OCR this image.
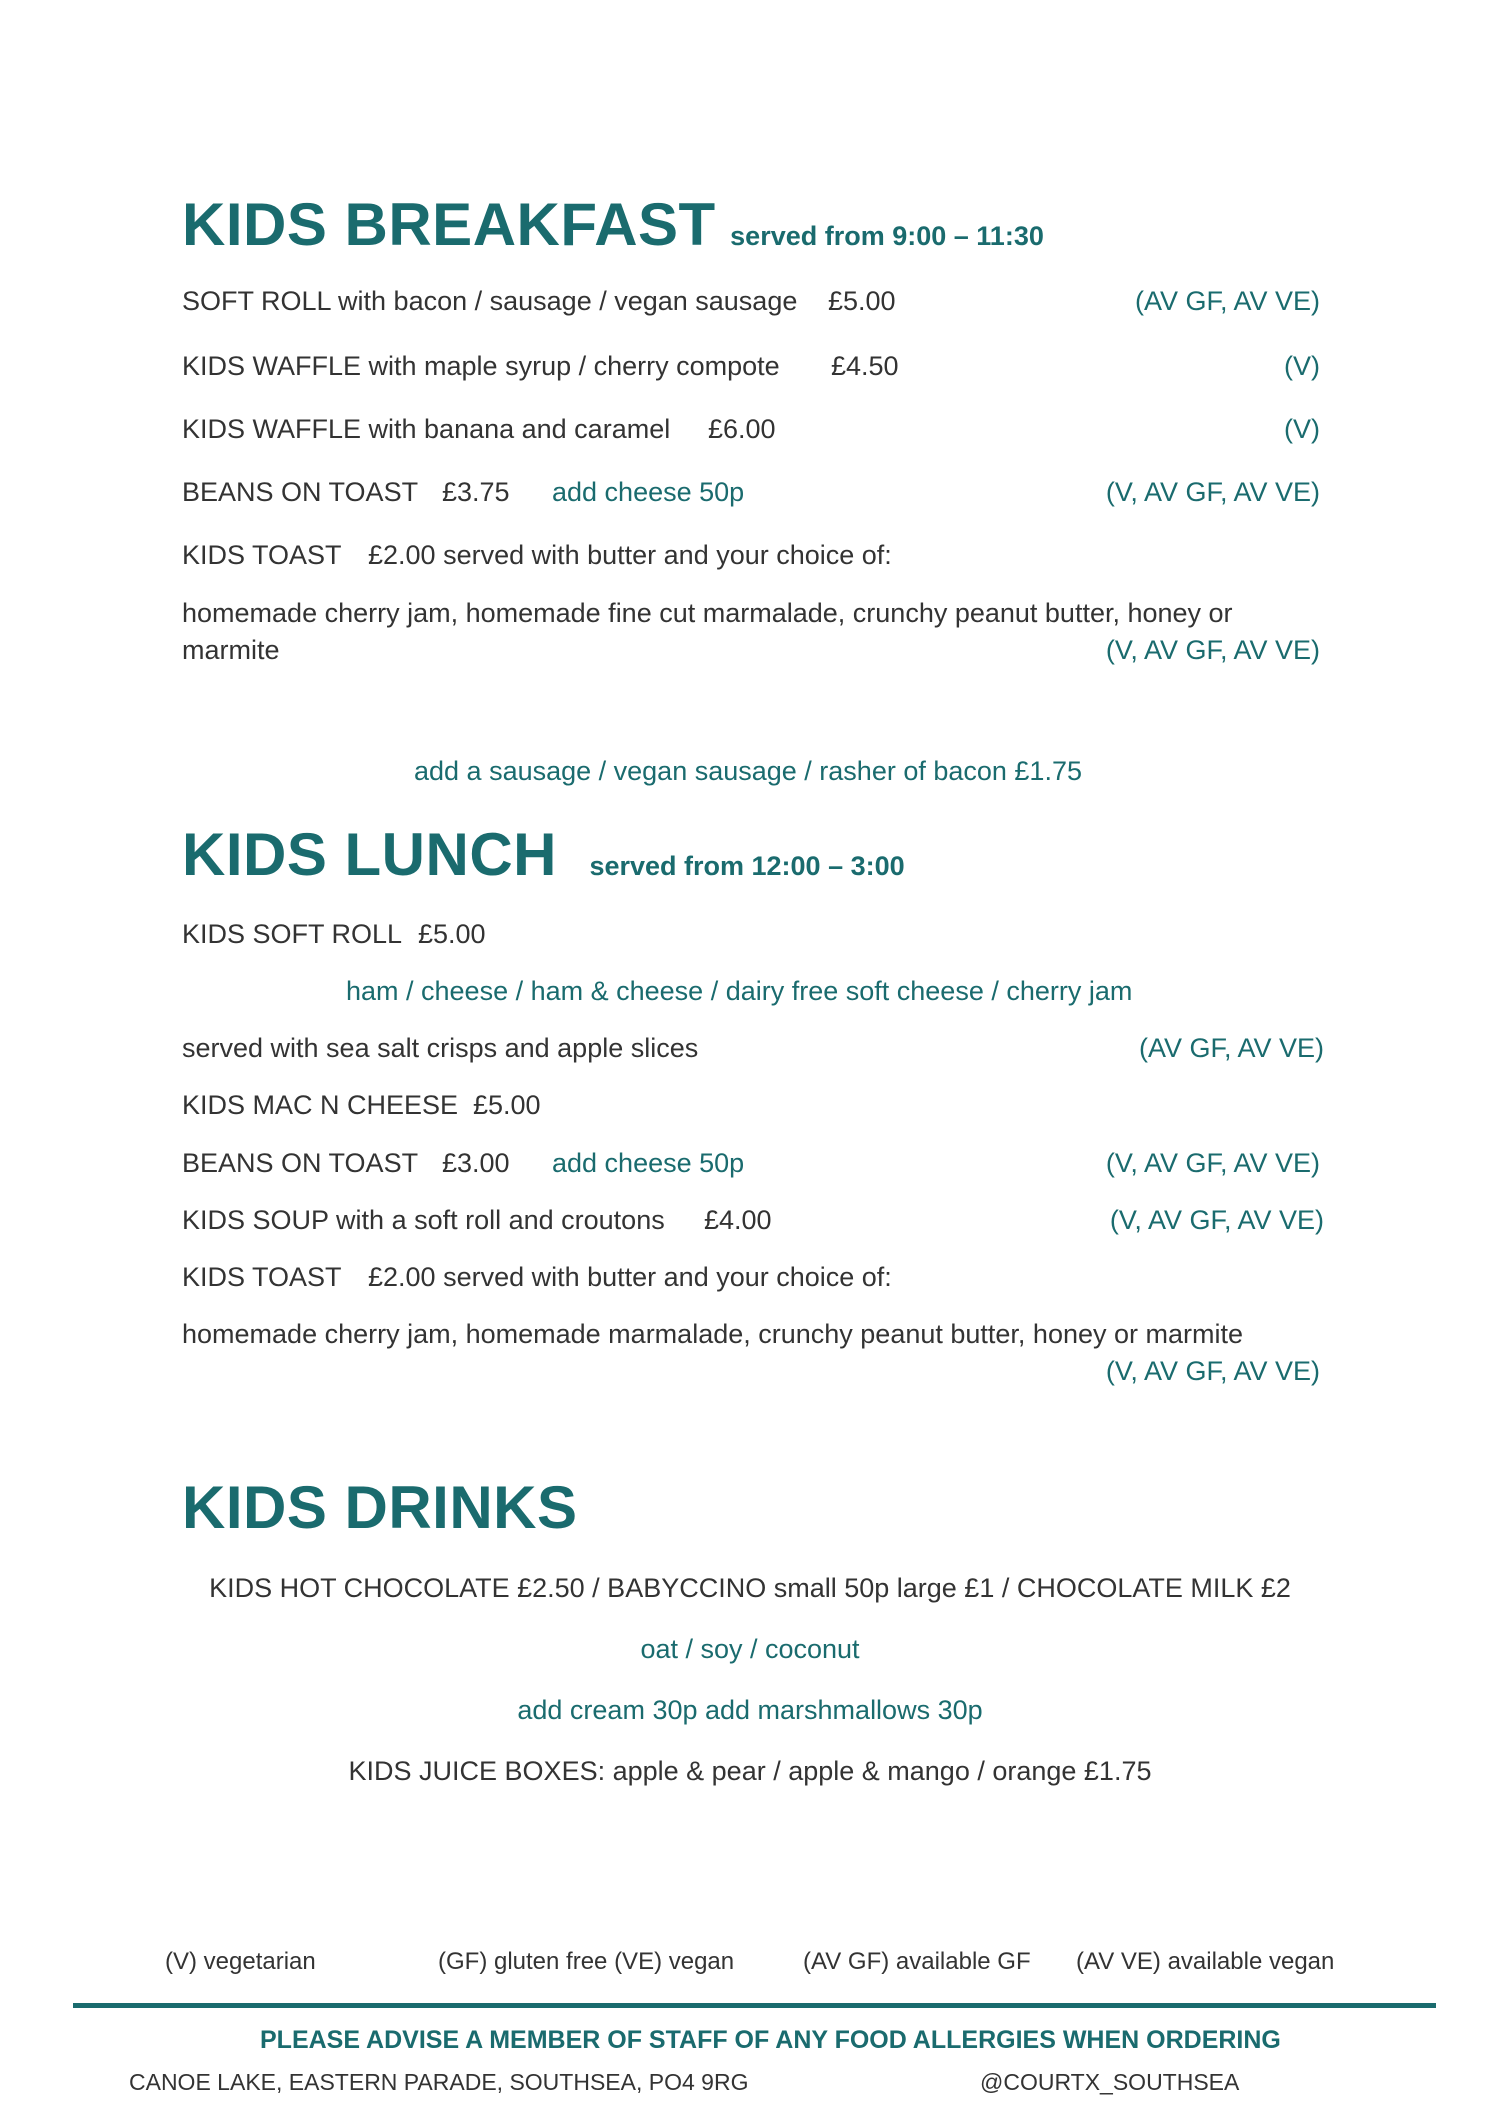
KIDS BREAKFAST served from 9:00 – 11:30
SOFT ROLL with bacon / sausage / vegan sausage £5.00	(AV GF, AV VE)
KIDS WAFFLE with maple syrup / cherry compote £4.50	(V)
KIDS WAFFLE with banana and caramel £6.00	(V)
BEANS ON TOAST £3.75 add cheese 50p	(V, AV GF, AV VE)
KIDS TOAST £2.00 served with butter and your choice of:
homemade cherry jam, homemade fine cut marmalade, crunchy peanut butter, honey or
marmite	(V, AV GF, AV VE)
add a sausage / vegan sausage / rasher of bacon £1.75
KIDS LUNCH served from 12:00 – 3:00
KIDS SOFT ROLL £5.00
ham / cheese / ham & cheese / dairy free soft cheese / cherry jam
served with sea salt crisps and apple slices	(AV GF, AV VE)
KIDS MAC N CHEESE £5.00
BEANS ON TOAST £3.00 add cheese 50p	(V, AV GF, AV VE)
KIDS SOUP with a soft roll and croutons £4.00	(V, AV GF, AV VE)
KIDS TOAST £2.00 served with butter and your choice of:
homemade cherry jam, homemade marmalade, crunchy peanut butter, honey or marmite
(V, AV GF, AV VE)
KIDS DRINKS
KIDS HOT CHOCOLATE £2.50 / BABYCCINO small 50p large £1 / CHOCOLATE MILK £2
oat / soy / coconut
add cream 30p add marshmallows 30p
KIDS JUICE BOXES: apple & pear / apple & mango / orange £1.75
(V) vegetarian	(GF) gluten free (VE) vegan	(AV GF) available GF (AV VE) available vegan
PLEASE ADVISE A MEMBER OF STAFF OF ANY FOOD ALLERGIES WHEN ORDERING
CANOE LAKE, EASTERN PARADE, SOUTHSEA, PO4 9RG	@COURTX_SOUTHSEA
